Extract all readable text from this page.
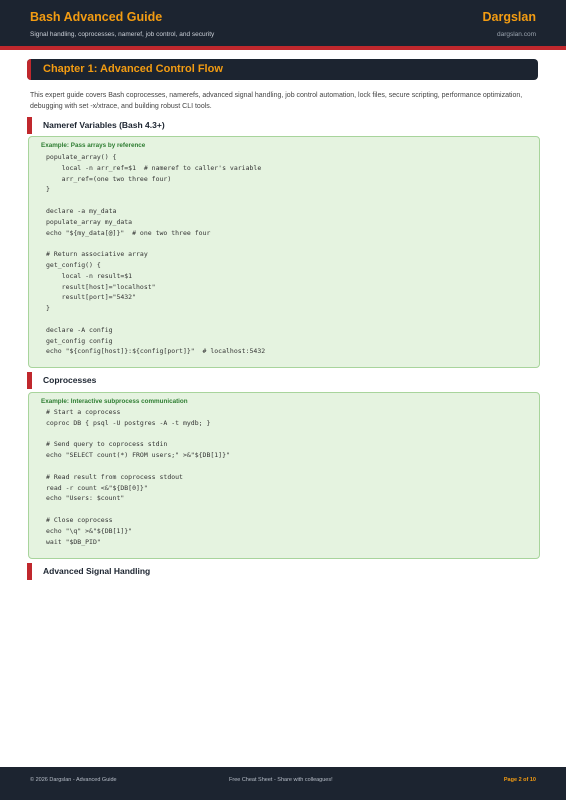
Bash Advanced Guide	Dargslan
Signal handling, coprocesses, nameref, job control, and security	dargslan.com
Chapter 1: Advanced Control Flow
This expert guide covers Bash coprocesses, namerefs, advanced signal handling, job control automation, lock files, secure scripting, performance optimization, debugging with set -x/xtrace, and building robust CLI tools.
Nameref Variables (Bash 4.3+)
Example: Pass arrays by reference
populate_array() {
local -n arr_ref=$1  # nameref to caller's variable
arr_ref=(one two three four)
}
declare -a my_data
populate_array my_data
echo "${my_data[@]}"  # one two three four
# Return associative array
get_config() {
local -n result=$1
result[host]="localhost"
result[port]="5432"
}
declare -A config
get_config config
echo "${config[host]}:${config[port]}"  # localhost:5432
Coprocesses
Example: Interactive subprocess communication
# Start a coprocess
coproc DB { psql -U postgres -A -t mydb; }
# Send query to coprocess stdin
echo "SELECT count(*) FROM users;" >&"${DB[1]}"
# Read result from coprocess stdout
read -r count <&"${DB[0]}"
echo "Users: $count"
# Close coprocess
echo "\q" >&"${DB[1]}"
wait "$DB_PID"
Advanced Signal Handling
© 2026 Dargslan - Advanced Guide	Free Cheat Sheet - Share with colleagues!	Page 2 of 10
